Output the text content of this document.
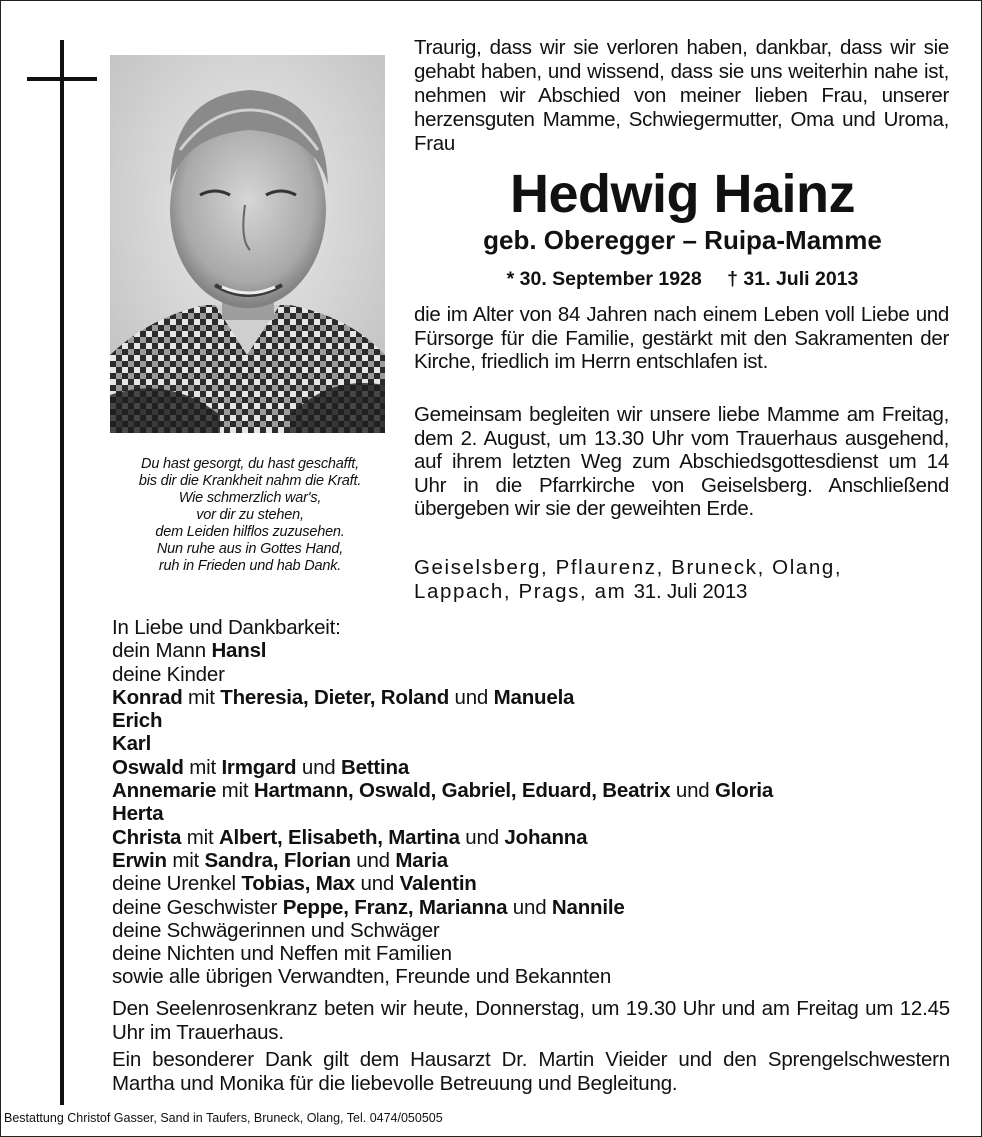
Du hast gesorgt, du hast geschafft,
bis dir die Krankheit nahm die Kraft.
Wie schmerzlich war's,
vor dir zu stehen,
dem Leiden hilflos zuzusehen.
Nun ruhe aus in Gottes Hand,
ruh in Frieden und hab Dank.

Traurig, dass wir sie verloren haben, dankbar, dass wir sie gehabt haben, und wissend, dass sie uns weiterhin nahe ist, nehmen wir Abschied von meiner lieben Frau, unserer herzensguten Mamme, Schwiegermutter, Oma und Uroma, Frau

Hedwig Hainz
geb. Oberegger – Ruipa-Mamme
* 30. September 1928 † 31. Juli 2013

die im Alter von 84 Jahren nach einem Leben voll Liebe und Fürsorge für die Familie, gestärkt mit den Sakramenten der Kirche, friedlich im Herrn entschlafen ist.

Gemeinsam begleiten wir unsere liebe Mamme am Freitag, dem 2. August, um 13.30 Uhr vom Trauerhaus ausgehend, auf ihrem letzten Weg zum Abschiedsgottesdienst um 14 Uhr in die Pfarrkirche von Geiselsberg. Anschließend übergeben wir sie der geweihten Erde.

Geiselsberg, Pflaurenz, Bruneck, Olang,
Lappach, Prags, am 31. Juli 2013
In Liebe und Dankbarkeit:
dein Mann Hansl
deine Kinder
Konrad mit Theresia, Dieter, Roland und Manuela
Erich
Karl
Oswald mit Irmgard und Bettina
Annemarie mit Hartmann, Oswald, Gabriel, Eduard, Beatrix und Gloria
Herta
Christa mit Albert, Elisabeth, Martina und Johanna
Erwin mit Sandra, Florian und Maria
deine Urenkel Tobias, Max und Valentin
deine Geschwister Peppe, Franz, Marianna und Nannile
deine Schwägerinnen und Schwäger
deine Nichten und Neffen mit Familien
sowie alle übrigen Verwandten, Freunde und Bekannten

Den Seelenrosenkranz beten wir heute, Donnerstag, um 19.30 Uhr und am Freitag um 12.45 Uhr im Trauerhaus.

Ein besonderer Dank gilt dem Hausarzt Dr. Martin Vieider und den Sprengelschwestern Martha und Monika für die liebevolle Betreuung und Begleitung.

Bestattung Christof Gasser, Sand in Taufers, Bruneck, Olang, Tel. 0474/050505
